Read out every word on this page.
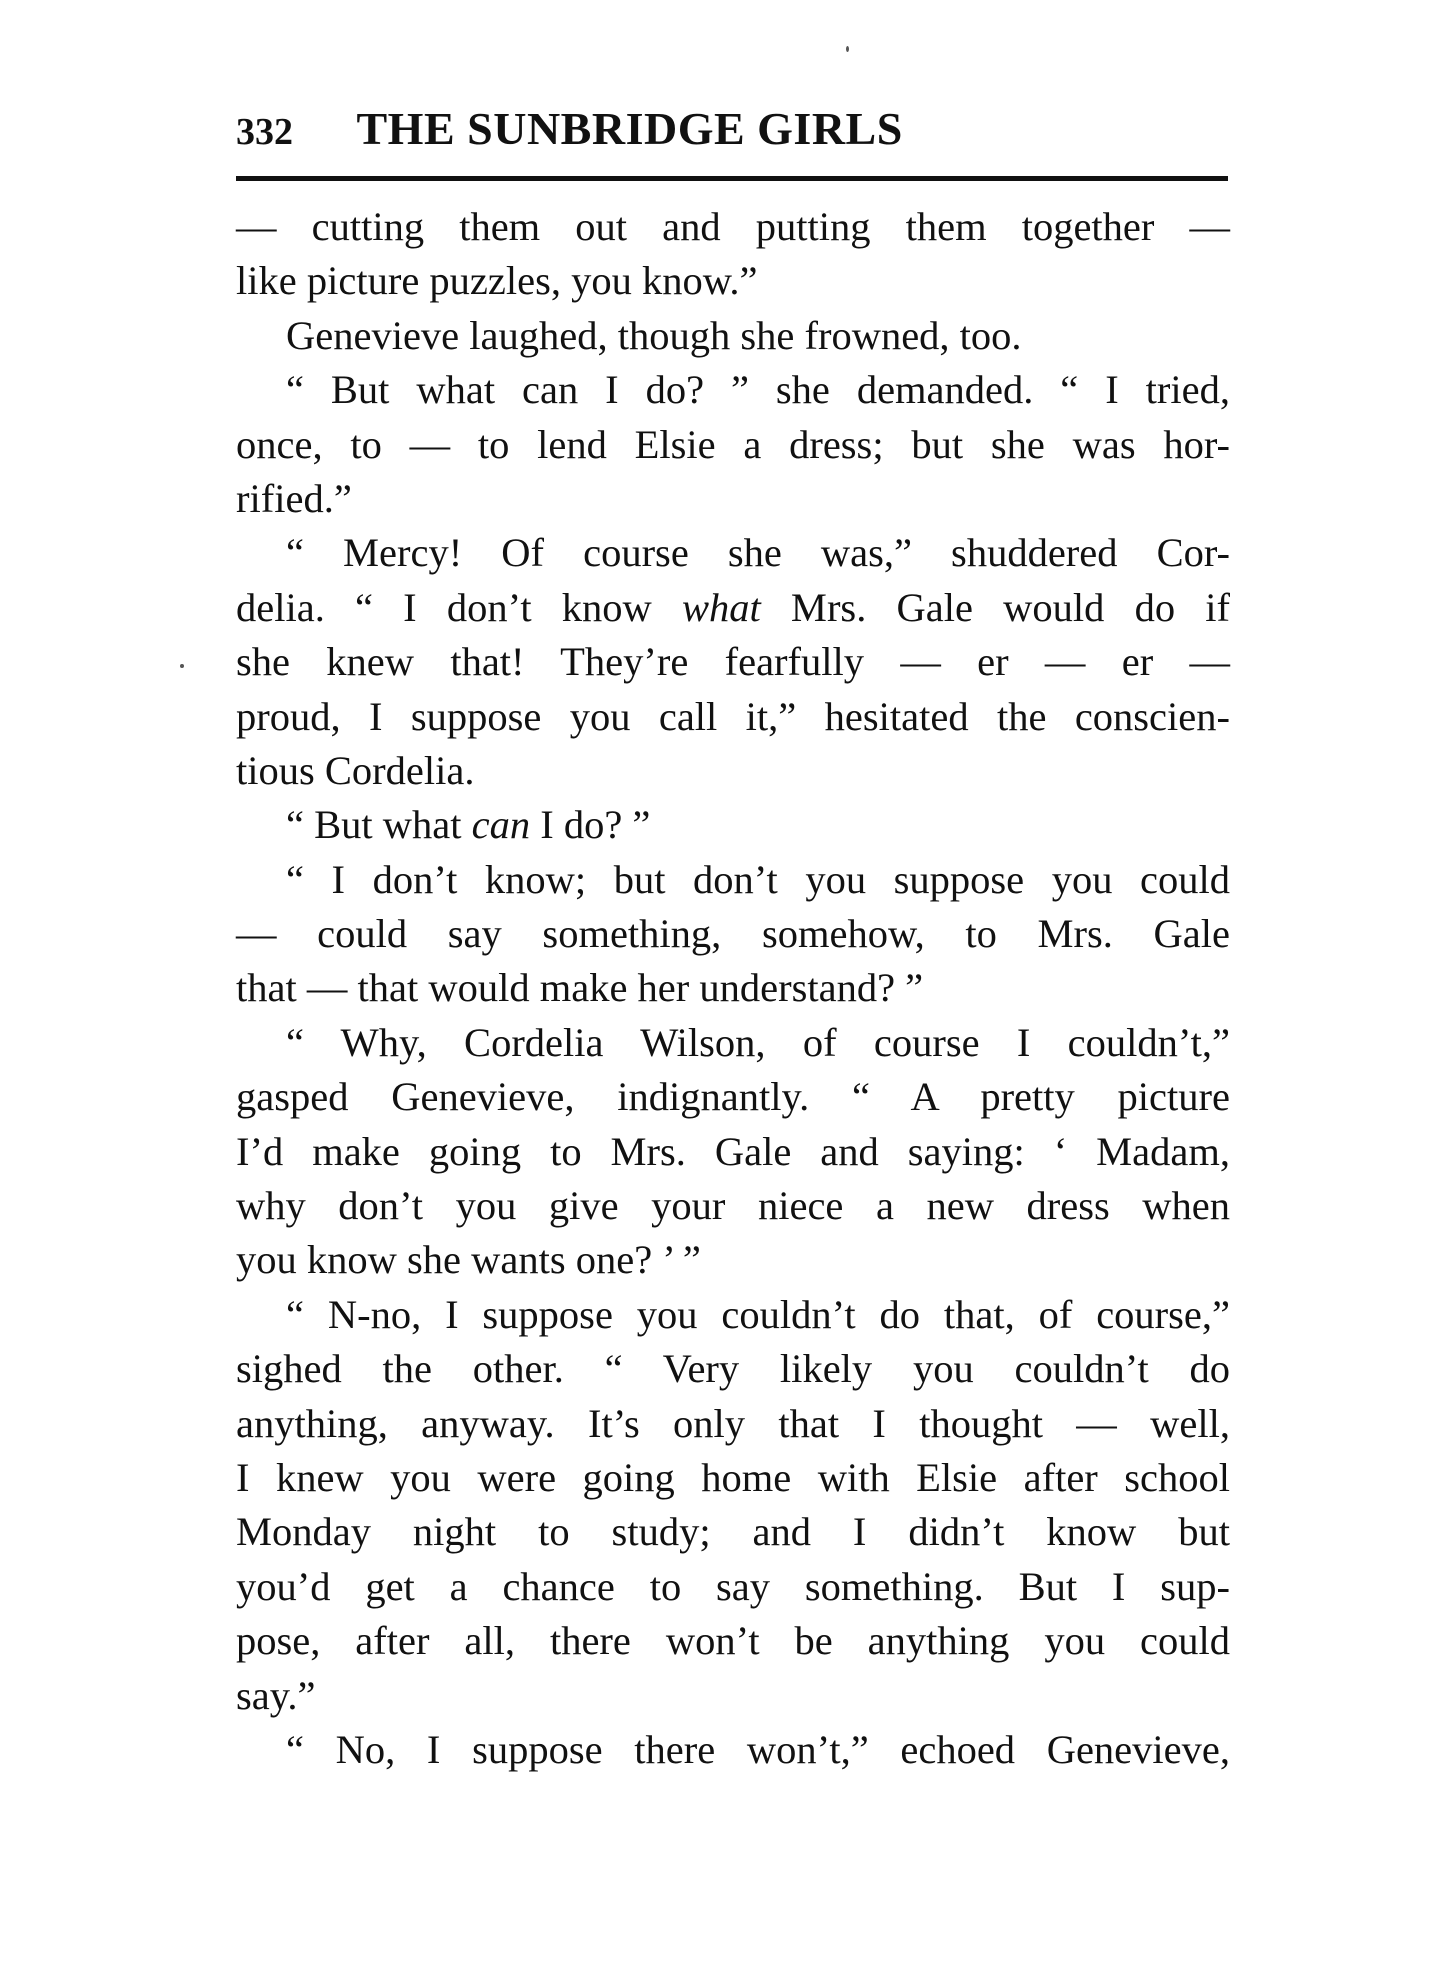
332 THE SUNBRIDGE GIRLS
— cutting them out and putting them together —
like picture puzzles, you know.”
Genevieve laughed, though she frowned, too.
“ But what can I do? ” she demanded. “ I tried,
once, to — to lend Elsie a dress; but she was hor-
rified.”
“ Mercy! Of course she was,” shuddered Cor-
delia. “ I don’t know what Mrs. Gale would do if
she knew that! They’re fearfully — er — er —
proud, I suppose you call it,” hesitated the conscien-
tious Cordelia.
“ But what can I do? ”
“ I don’t know; but don’t you suppose you could
— could say something, somehow, to Mrs. Gale
that — that would make her understand? ”
“ Why, Cordelia Wilson, of course I couldn’t,”
gasped Genevieve, indignantly. “ A pretty picture
I’d make going to Mrs. Gale and saying: ‘ Madam,
why don’t you give your niece a new dress when
you know she wants one? ’ ”
“ N-no, I suppose you couldn’t do that, of course,”
sighed the other. “ Very likely you couldn’t do
anything, anyway. It’s only that I thought — well,
I knew you were going home with Elsie after school
Monday night to study; and I didn’t know but
you’d get a chance to say something. But I sup-
pose, after all, there won’t be anything you could
say.”
“ No, I suppose there won’t,” echoed Genevieve,
